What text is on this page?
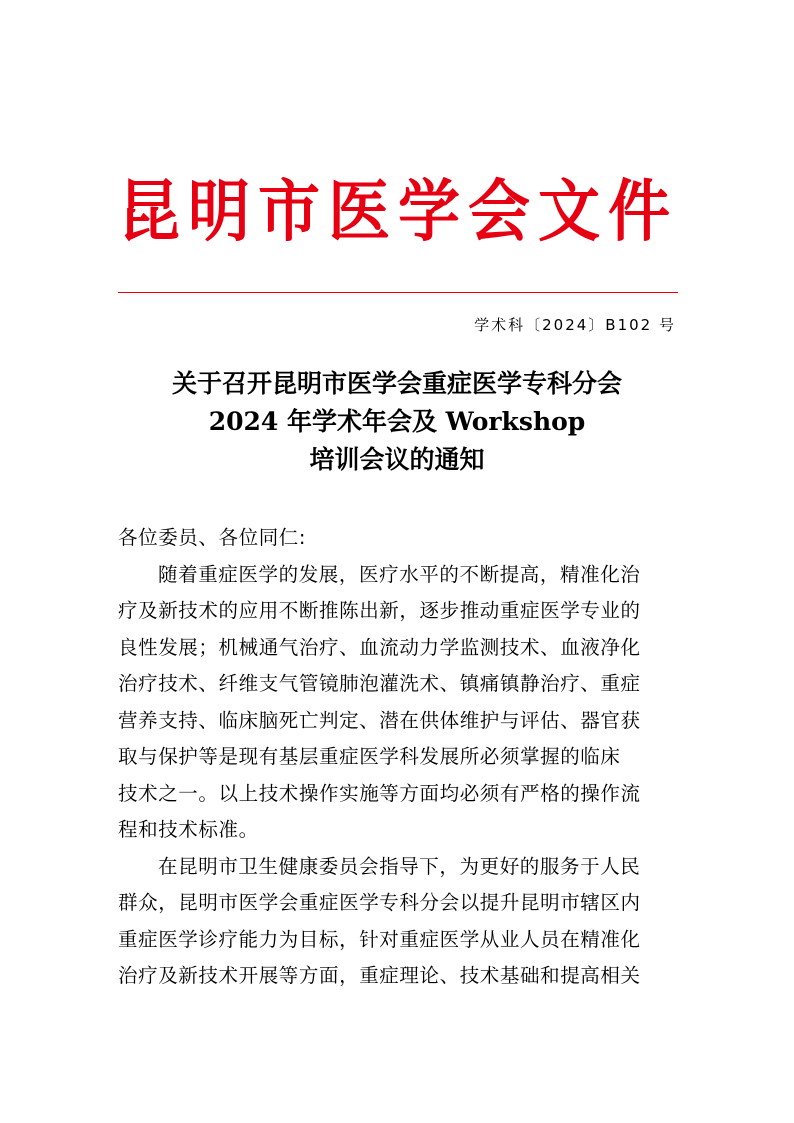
昆明市医学会文件
学术科〔2024〕B102 号
关于召开昆明市医学会重症医学专科分会
2024 年学术年会及 Workshop
培训会议的通知
各位委员、各位同仁:
随着重症医学的发展，医疗水平的不断提高，精准化治
疗及新技术的应用不断推陈出新，逐步推动重症医学专业的
良性发展；机械通气治疗、血流动力学监测技术、血液净化
治疗技术、纤维支气管镜肺泡灌洗术、镇痛镇静治疗、重症
营养支持、临床脑死亡判定、潜在供体维护与评估、器官获
取与保护等是现有基层重症医学科发展所必须掌握的临床
技术之一。以上技术操作实施等方面均必须有严格的操作流
程和技术标准。
在昆明市卫生健康委员会指导下，为更好的服务于人民
群众，昆明市医学会重症医学专科分会以提升昆明市辖区内
重症医学诊疗能力为目标，针对重症医学从业人员在精准化
治疗及新技术开展等方面，重症理论、技术基础和提高相关
